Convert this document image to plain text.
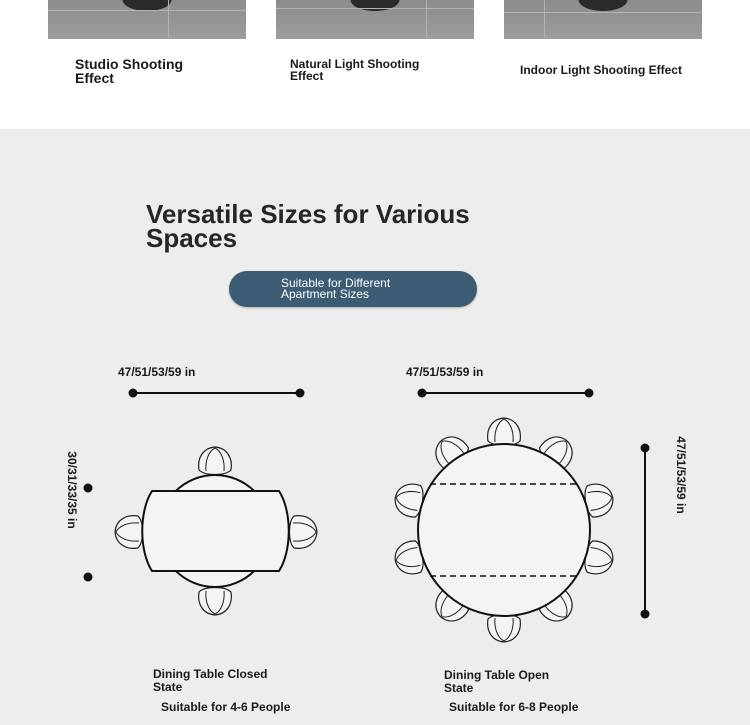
Studio Shooting Effect
Natural Light Shooting Effect	Indoor Light Shooting Effect
Versatile Sizes for Various Spaces
Suitable for Different Apartment Sizes
47/51/53/59 in	47/51/53/59 in
30/31/33/35 in	47/51/53/59 in
Dining Table Closed State
Suitable for 4-6 People
Dining Table Open State
Suitable for 6-8 People
